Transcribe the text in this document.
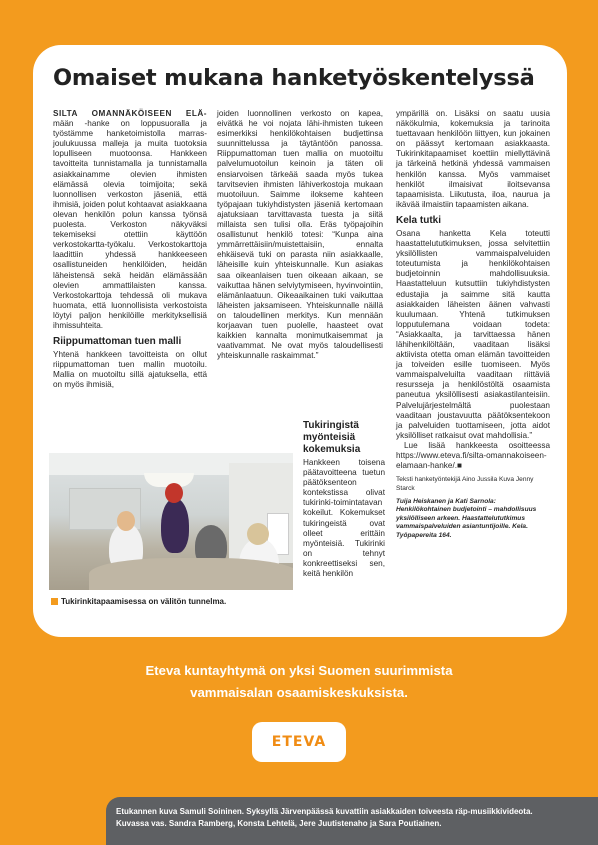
Omaiset mukana hanketyöskentelyssä

SILTA OMANNÄKÖISEEN ELÄ- mään -hanke on loppusuoralla ja työstämme hanketoimistolla marras-joulukuussa malleja ja muita tuotoksia lopulliseen muotoonsa. Hankkeen tavoitteita tunnistamalla ja tunnistamalla asiakkainamme olevien ihmisten elämässä olevia toimijoita; sekä luonnollisen verkoston jäseniä, että ihmisiä, joiden polut kohtaavat asiakkaana olevan henkilön polun kanssa työnsä puolesta. Verkoston näkyväksi tekemiseksi otettiin käyttöön verkostokartta-työkalu. Verkostokarttoja laadittiin yhdessä hankkeeseen osallistuneiden henkilöiden, heidän läheistensä sekä heidän elämässään olevien ammattilaisten kanssa. Verkostokarttoja tehdessä oli mukava huomata, että luonnollisista verkostoista löytyi paljon henkilöille merkityksellisiä ihmissuhteita.

Riippumattoman tuen malli

Yhtenä hankkeen tavoitteista on ollut riippumattoman tuen mallin muotoilu. Mallia on muotoiltu sillä ajatuksella, että on myös ihmisiä,

joiden luonnollinen verkosto on kapea, eivätkä he voi nojata lähi-ihmisten tukeen esimerkiksi henkilökohtaisen budjettinsa suunnittelussa ja täytäntöön panossa. Riippumattoman tuen mallia on muotoiltu palvelumuotoilun keinoin ja täten oli ensiarvoisen tärkeää saada myös tukea tarvitsevien ihmisten lähiverkostoja mukaan muotoiluun. Saimme ilokseme kahteen työpajaan tukiyhdistysten jäseniä kertomaan ajatuksiaan tarvittavasta tuesta ja siitä millaista sen tulisi olla. Eräs työpajoihin osallistunut henkilö totesi: “Kunpa aina ymmärrettäisiin/muistettaisiin, ennalta ehkäisevä tuki on parasta niin asiakkaalle, läheisille kuin yhteiskunnalle. Kun asiakas saa oikeanlaisen tuen oikeaan aikaan, se vaikuttaa hänen selviytymiseen, hyvinvointiin, elämänlaatuun. Oikeaaikainen tuki vaikuttaa läheisten jaksamiseen. Yhteiskunnalle näillä on taloudellinen merkitys. Kun mennään korjaavan tuen puolelle, haasteet ovat kaikkien kannalta monimutkaisemmat ja vaativammat. Ne ovat myös taloudellisesti yhteiskunnalle raskaimmat.”

Tukiringistä myönteisiä kokemuksia

Hankkeen toisena päätavoitteena tuetun päätöksenteon kontekstissa olivat tukirinki-toimintatavan kokeilut. Kokemukset tukiringeistä ovat olleet erittäin myönteisiä. Tukirinki on tehnyt konkreettiseksi sen, keitä henkilön

Tukirinkitapaamisessa on välitön tunnelma.

ympärillä on. Lisäksi on saatu uusia näkökulmia, kokemuksia ja tarinoita tuettavaan henkilöön liittyen, kun jokainen on päässyt kertomaan asiakkaasta. Tukirinkitapaamiset koettiin miellyttävinä ja tärkeinä hetkinä yhdessä vammaisen henkilön kanssa. Myös vammaiset henkilöt ilmaisivat iloitsevansa tapaamisista. Liikutusta, iloa, naurua ja ikävää ilmaistiin tapaamisten aikana.

Kela tutki

Osana hanketta Kela toteutti haastattelututkimuksen, jossa selvitettiin yksilöllisten vammaispalveluiden toteutumista ja henkilökohtaisen budjetoinnin mahdollisuuksia. Haastatteluun kutsuttiin tukiyhdistysten edustajia ja saimme sitä kautta asiakkaiden läheisten äänen vahvasti kuulumaan. Yhtenä tutkimuksen lopputulemana voidaan todeta: “Asiakkaalta, ja tarvittaessa hänen lähihenkilöltään, vaaditaan lisäksi aktiivista otetta oman elämän tavoitteiden ja toiveiden esille tuomiseen. Myös vammaispalveluilta vaaditaan riittäviä resursseja ja henkilöstöltä osaamista paneutua yksilöllisesti asiakastilanteisiin. Palvelujärjestelmältä puolestaan vaaditaan joustavuutta päätöksentekoon ja palveluiden tuottamiseen, jotta aidot yksilölliset ratkaisut ovat mahdollisia.”

Lue lisää hankkeesta osoitteessa https://www.eteva.fi/silta-omannakoiseen-elamaan-hanke/.■

Teksti hanketyöntekijä Aino Jussila Kuva Jenny Starck

Tuija Heiskanen ja Kati Sarnola: Henkilökohtainen budjetointi – mahdollisuus yksilölliseen arkeen. Haastattelututkimus vammaispalveluiden asiantuntijoille. Kela. Työpapereita 164.

Eteva kuntayhtymä on yksi Suomen suurimmista
vammaisalan osaamiskeskuksista.
ETEVA

Etukannen kuva Samuli Soininen. Syksyllä Järvenpäässä kuvattiin asiakkaiden toiveesta räp-musiikkivideota.
Kuvassa vas. Sandra Ramberg, Konsta Lehtelä, Jere Juutistenaho ja Sara Poutiainen.
